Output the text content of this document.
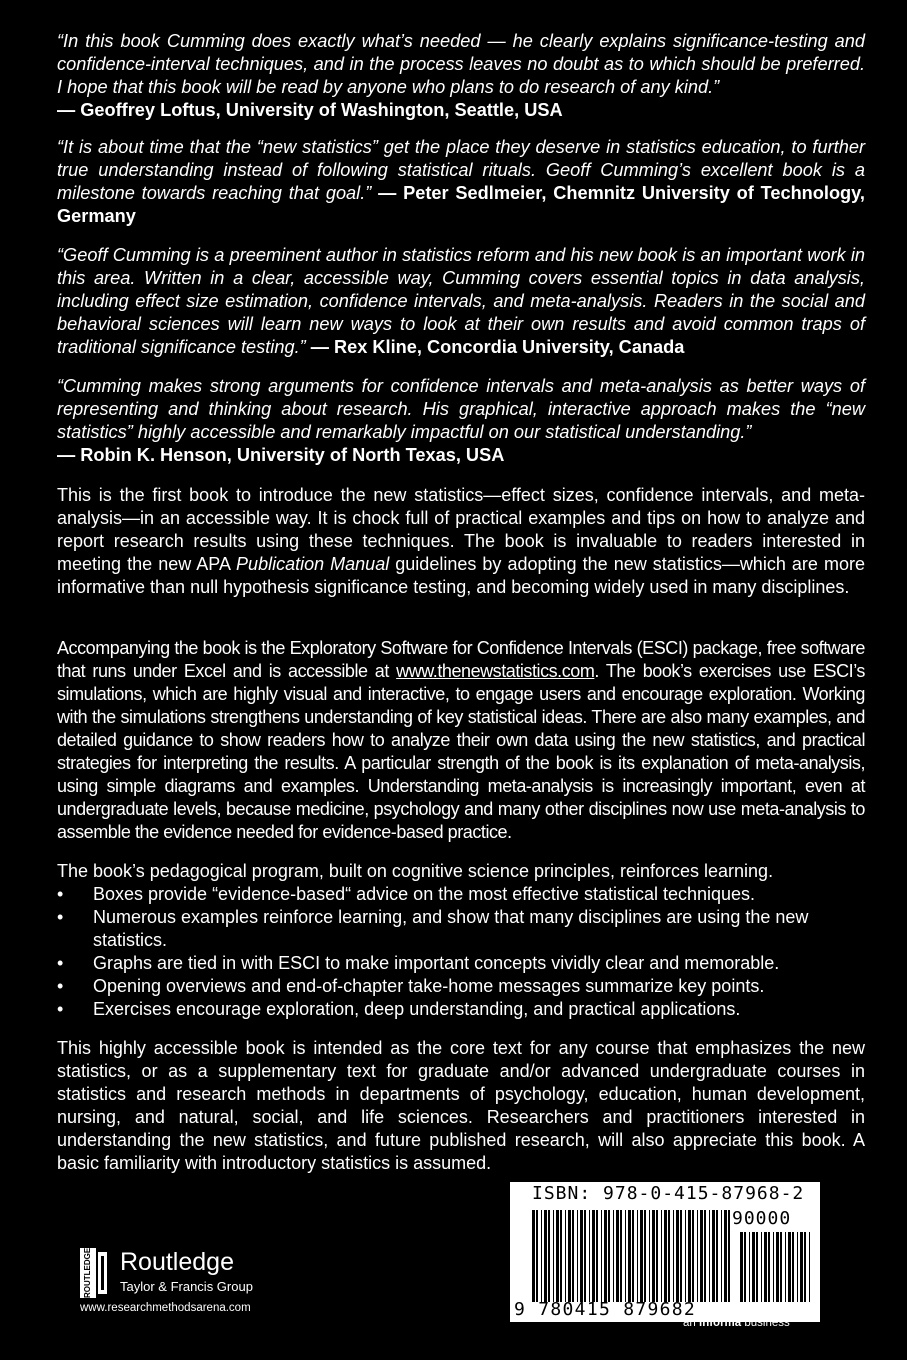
“In this book Cumming does exactly what’s needed — he clearly explains significance-testing and confidence-interval techniques, and in the process leaves no doubt as to which should be preferred. I hope that this book will be read by anyone who plans to do research of any kind.”
— Geoffrey Loftus, University of Washington, Seattle, USA

“It is about time that the “new statistics” get the place they deserve in statistics education, to further true understanding instead of following statistical rituals. Geoff Cumming’s excellent book is a milestone towards reaching that goal.” — Peter Sedlmeier, Chemnitz University of Technology, Germany

“Geoff Cumming is a preeminent author in statistics reform and his new book is an important work in this area. Written in a clear, accessible way, Cumming covers essential topics in data analysis, including effect size estimation, confidence intervals, and meta-analysis. Readers in the social and behavioral sciences will learn new ways to look at their own results and avoid common traps of traditional significance testing.” — Rex Kline, Concordia University, Canada

“Cumming makes strong arguments for confidence intervals and meta-analysis as better ways of representing and thinking about research. His graphical, interactive approach makes the “new statistics” highly accessible and remarkably impactful on our statistical understanding.”
— Robin K. Henson, University of North Texas, USA

This is the first book to introduce the new statistics—effect sizes, confidence intervals, and meta-analysis—in an accessible way. It is chock full of practical examples and tips on how to analyze and report research results using these techniques. The book is invaluable to readers interested in meeting the new APA Publication Manual guidelines by adopting the new statistics—which are more informative than null hypothesis significance testing, and becoming widely used in many disciplines.

Accompanying the book is the Exploratory Software for Confidence Intervals (ESCI) package, free software that runs under Excel and is accessible at www.thenewstatistics.com. The book’s exercises use ESCI’s simulations, which are highly visual and interactive, to engage users and encourage exploration. Working with the simulations strengthens understanding of key statistical ideas. There are also many examples, and detailed guidance to show readers how to analyze their own data using the new statistics, and practical strategies for interpreting the results. A particular strength of the book is its explanation of meta-analysis, using simple diagrams and examples. Understanding meta-analysis is increasingly important, even at undergraduate levels, because medicine, psychology and many other disciplines now use meta-analysis to assemble the evidence needed for evidence-based practice.

The book’s pedagogical program, built on cognitive science principles, reinforces learning.
• Boxes provide “evidence-based“ advice on the most effective statistical techniques.
• Numerous examples reinforce learning, and show that many disciplines are using the new statistics.
• Graphs are tied in with ESCI to make important concepts vividly clear and memorable.
• Opening overviews and end-of-chapter take-home messages summarize key points.
• Exercises encourage exploration, deep understanding, and practical applications.

This highly accessible book is intended as the core text for any course that emphasizes the new statistics, or as a supplementary text for graduate and/or advanced undergraduate courses in statistics and research methods in departments of psychology, education, human development, nursing, and natural, social, and life sciences. Researchers and practitioners interested in understanding the new statistics, and future published research, will also appreciate this book. A basic familiarity with introductory statistics is assumed.

ROUTLEDGE Routledge
Taylor & Francis Group
www.researchmethodsarena.com
ISBN: 978-0-415-87968-2
90000
9 780415 879682
an informa business
